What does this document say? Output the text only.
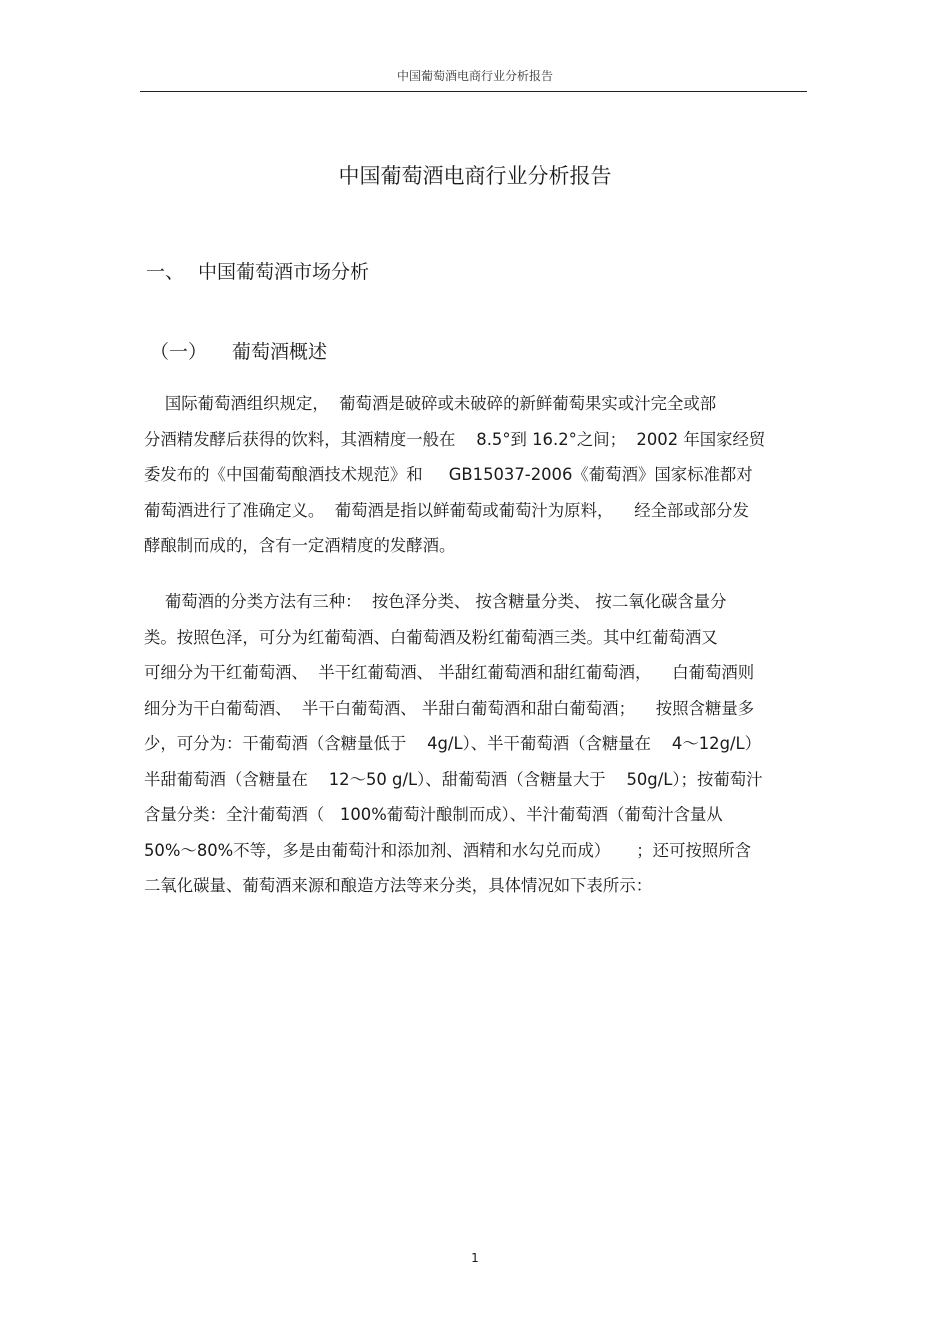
中国葡萄酒电商行业分析报告
中国葡萄酒电商行业分析报告
一、 中国葡萄酒市场分析
（一） 葡萄酒概述
国际葡萄酒组织规定，  葡萄酒是破碎或未破碎的新鲜葡萄果实或汁完全或部
分酒精发酵后获得的饮料，其酒精度一般在    8.5°到 16.2°之间；  2002 年国家经贸
委发布的《中国葡萄酿酒技术规范》和     GB15037-2006《葡萄酒》国家标准都对
葡萄酒进行了准确定义。  葡萄酒是指以鲜葡萄或葡萄汁为原料，    经全部或部分发
酵酿制而成的，含有一定酒精度的发酵酒。
葡萄酒的分类方法有三种：  按色泽分类、 按含糖量分类、 按二氧化碳含量分
类。按照色泽，可分为红葡萄酒、白葡萄酒及粉红葡萄酒三类。其中红葡萄酒又
可细分为干红葡萄酒、  半干红葡萄酒、 半甜红葡萄酒和甜红葡萄酒，    白葡萄酒则
细分为干白葡萄酒、  半干白葡萄酒、 半甜白葡萄酒和甜白葡萄酒；    按照含糖量多
少，可分为：干葡萄酒（含糖量低于    4g/L）、半干葡萄酒（含糖量在    4～12g/L）
半甜葡萄酒（含糖量在    12～50 g/L）、甜葡萄酒（含糖量大于    50g/L）；按葡萄汁
含量分类：全汁葡萄酒（   100%葡萄汁酿制而成）、半汁葡萄酒（葡萄汁含量从
50%～80%不等，多是由葡萄汁和添加剂、酒精和水勾兑而成）     ；还可按照所含
二氧化碳量、葡萄酒来源和酿造方法等来分类，具体情况如下表所示：
1
